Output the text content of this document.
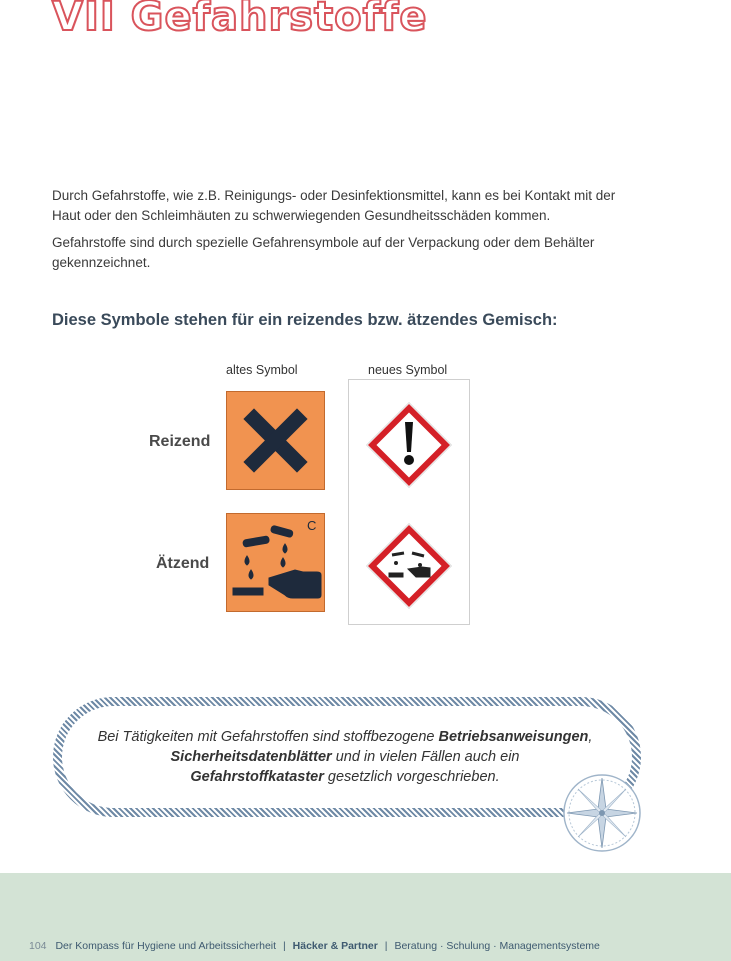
VII Gefahrstoffe

Durch Gefahrstoffe, wie z.B. Reinigungs- oder Desinfektionsmittel, kann es bei Kontakt mit der Haut oder den Schleimhäuten zu schwerwiegenden Gesundheitsschäden kommen.

Gefahrstoffe sind durch spezielle Gefahrensymbole auf der Verpackung oder dem Behälter gekennzeichnet.

Diese Symbole stehen für ein reizendes bzw. ätzendes Gemisch:
altes Symbol	neues Symbol
Reizend
Ätzend
C
Bei Tätigkeiten mit Gefahrstoffen sind stoffbezogene Betriebsanweisungen,
Sicherheitsdatenblätter und in vielen Fällen auch ein
Gefahrstoffkataster gesetzlich vorgeschrieben.
104 Der Kompass für Hygiene und Arbeitssicherheit | Häcker & Partner | Beratung · Schulung · Managementsysteme
